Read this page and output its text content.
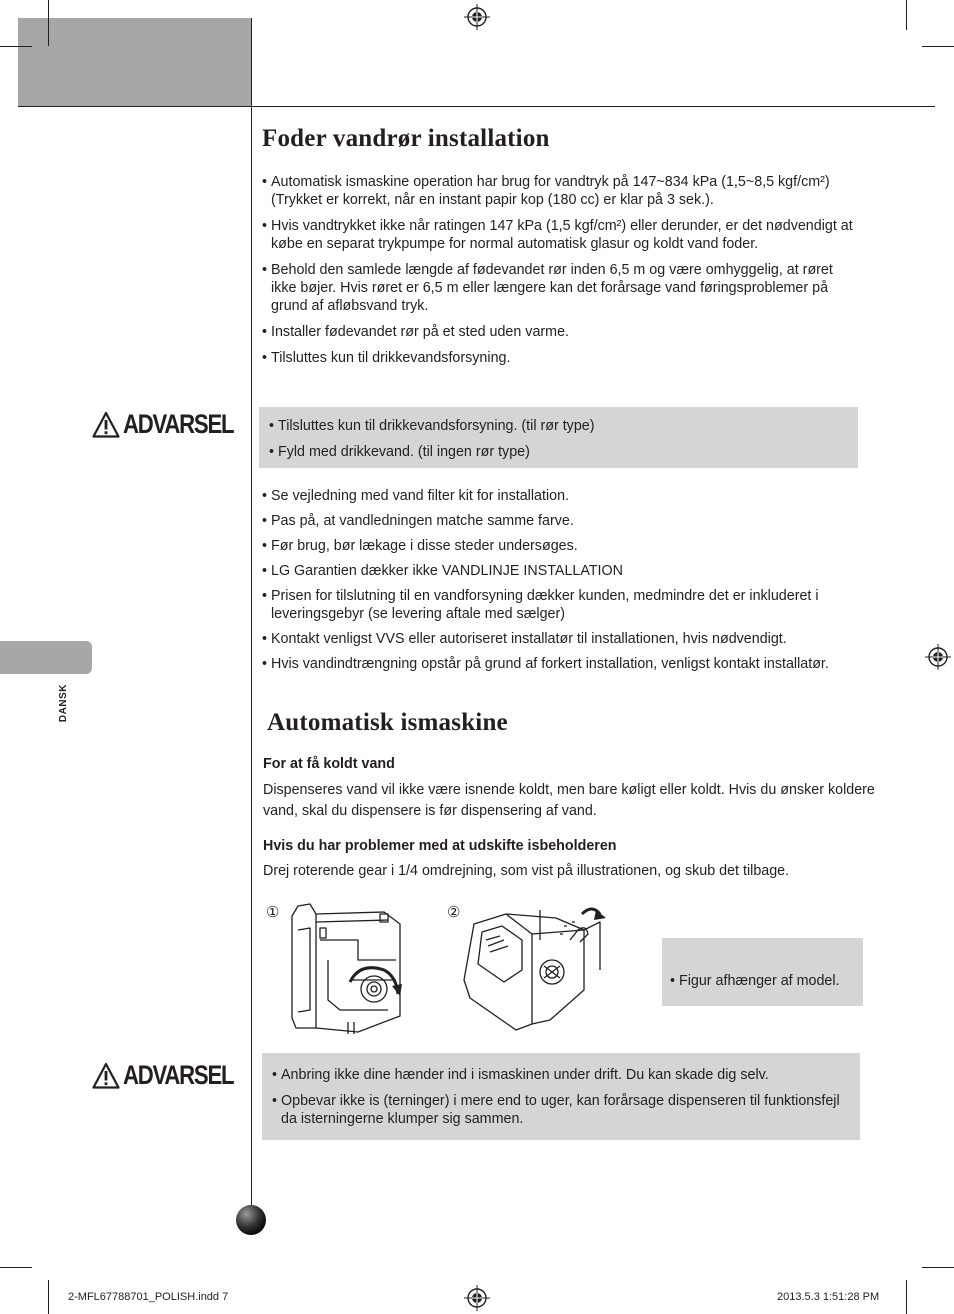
DANSK
Foder vandrør installation
• Automatisk ismaskine operation har brug for vandtryk på 147~834 kPa (1,5~8,5 kgf/cm²) (Trykket er korrekt, når en instant papir kop (180 cc) er klar på 3 sek.).
• Hvis vandtrykket ikke når ratingen 147 kPa (1,5 kgf/cm²) eller derunder, er det nødvendigt at købe en separat trykpumpe for normal automatisk glasur og koldt vand foder.
• Behold den samlede længde af fødevandet rør inden 6,5 m og være omhyggelig, at røret ikke bøjer. Hvis røret er 6,5 m eller længere kan det forårsage vand føringsproblemer på grund af afløbsvand tryk.
• Installer fødevandet rør på et sted uden varme.
• Tilsluttes kun til drikkevandsforsyning.
ADVARSEL	• Tilsluttes kun til drikkevandsforsyning. (til rør type)
• Fyld med drikkevand. (til ingen rør type)
• Se vejledning med vand filter kit for installation.
• Pas på, at vandledningen matche samme farve.
• Før brug, bør lækage i disse steder undersøges.
• LG Garantien dækker ikke VANDLINJE INSTALLATION
• Prisen for tilslutning til en vandforsyning dækker kunden, medmindre det er inkluderet i leveringsgebyr (se levering aftale med sælger)
• Kontakt venligst VVS eller autoriseret installatør til installationen, hvis nødvendigt.
• Hvis vandindtrængning opstår på grund af forkert installation, venligst kontakt installatør.
Automatisk ismaskine
For at få koldt vand
Dispenseres vand vil ikke være isnende koldt, men bare køligt eller koldt. Hvis du ønsker koldere vand, skal du dispensere is før dispensering af vand.
Hvis du har problemer med at udskifte isbeholderen
Drej roterende gear i 1/4 omdrejning, som vist på illustrationen, og skub det tilbage.
①	②
• Figur afhænger af model.
ADVARSEL	• Anbring ikke dine hænder ind i ismaskinen under drift. Du kan skade dig selv.
• Opbevar ikke is (terninger) i mere end to uger, kan forårsage dispenseren til funktionsfejl da isterningerne klumper sig sammen.
2-MFL67788701_POLISH.indd 7	2013.5.3 1:51:28 PM
